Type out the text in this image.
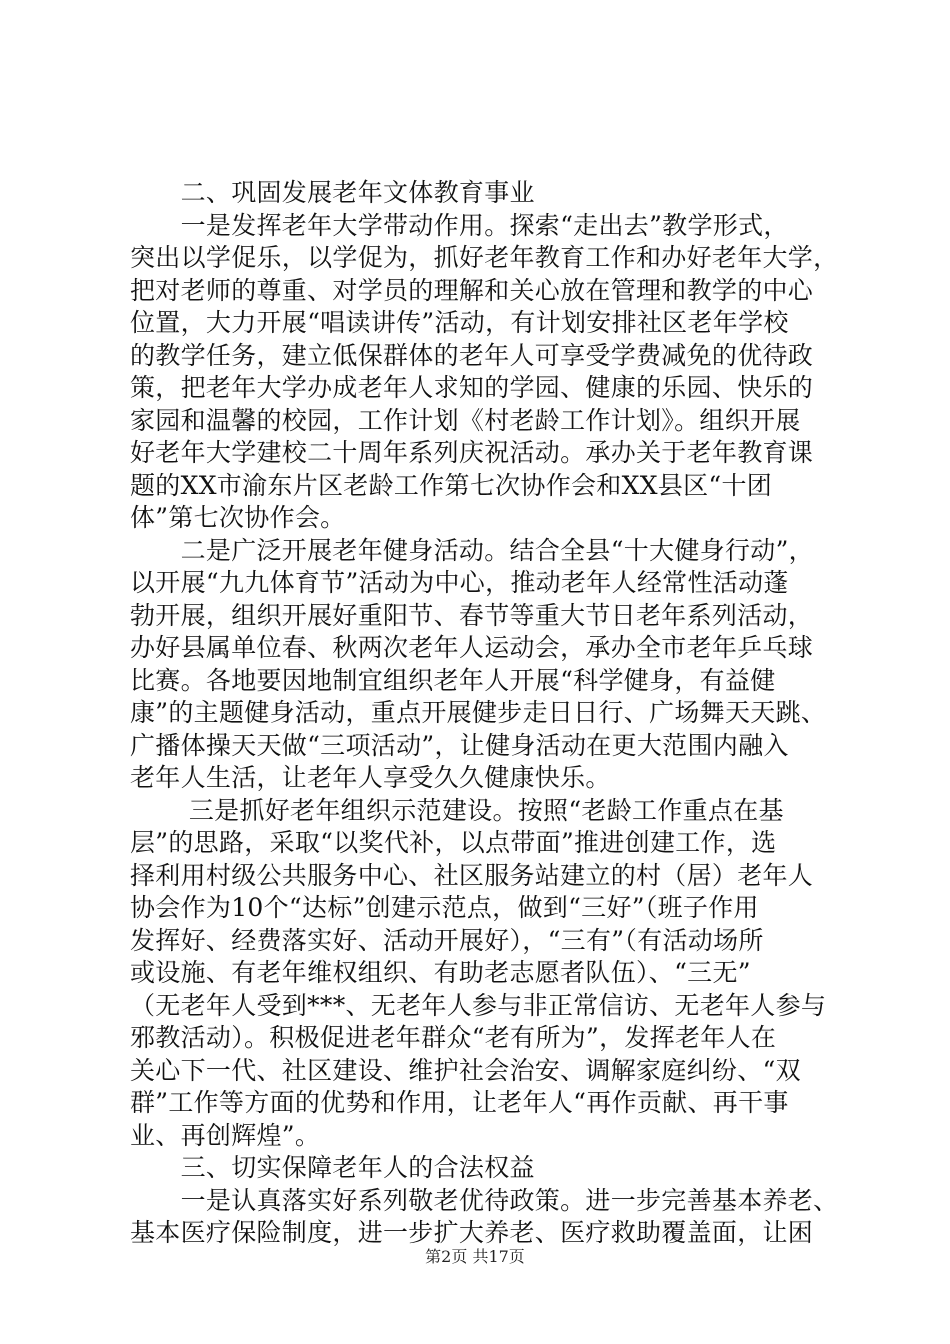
　　二、巩固发展老年文体教育事业
　　一是发挥老年大学带动作用。探索“走出去”教学形式，
突出以学促乐，以学促为，抓好老年教育工作和办好老年大学，
把对老师的尊重、对学员的理解和关心放在管理和教学的中心
位置，大力开展“唱读讲传”活动，有计划安排社区老年学校
的教学任务，建立低保群体的老年人可享受学费减免的优待政
策，把老年大学办成老年人求知的学园、健康的乐园、快乐的
家园和温馨的校园，工作计划《村老龄工作计划》。组织开展
好老年大学建校二十周年系列庆祝活动。承办关于老年教育课
题的XX市渝东片区老龄工作第七次协作会和XX县区“十团
体”第七次协作会。
　　二是广泛开展老年健身活动。结合全县“十大健身行动”，
以开展“九九体育节”活动为中心，推动老年人经常性活动蓬
勃开展，组织开展好重阳节、春节等重大节日老年系列活动，
办好县属单位春、秋两次老年人运动会，承办全市老年乒乓球
比赛。各地要因地制宜组织老年人开展“科学健身，有益健
康”的主题健身活动，重点开展健步走日日行、广场舞天天跳、
广播体操天天做“三项活动”，让健身活动在更大范围内融入
老年人生活，让老年人享受久久健康快乐。
　　 三是抓好老年组织示范建设。按照“老龄工作重点在基
层”的思路，采取“以奖代补，以点带面”推进创建工作，选
择利用村级公共服务中心、社区服务站建立的村（居）老年人
协会作为10个“达标”创建示范点，做到“三好”（班子作用
发挥好、经费落实好、活动开展好），“三有”（有活动场所
或设施、有老年维权组织、有助老志愿者队伍）、“三无”
（无老年人受到***、无老年人参与非正常信访、无老年人参与
邪教活动）。积极促进老年群众“老有所为”，发挥老年人在
关心下一代、社区建设、维护社会治安、调解家庭纠纷、“双
群”工作等方面的优势和作用，让老年人“再作贡献、再干事
业、再创辉煌”。
　　三、切实保障老年人的合法权益
　　一是认真落实好系列敬老优待政策。进一步完善基本养老、
基本医疗保险制度，进一步扩大养老、医疗救助覆盖面，让困
第2页 共17页
